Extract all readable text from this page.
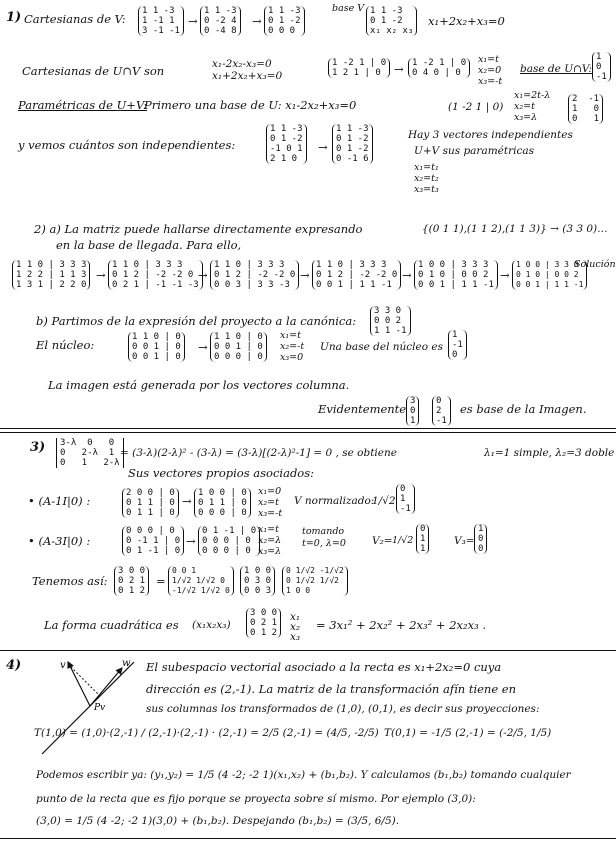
1) Cartesianas de V:
1 1 -3
1 -1 1
3 -1 -1
→
1 1 -3
0 -2 4
0 -4 8
→
1 1 -3
0 1 -2
0 0 0
base V 1 1 -3
0 1 -2
x₁ x₂ x₃
x₁+2x₂+x₃=0
Cartesianas de U∩V son	x₁-2x₂-x₃=0
x₁+2x₂+x₃=0
1 -2 1 | 0
1 2 1 | 0	→ 1 -2 1 | 0
0 4 0 | 0
x₁=t
x₂=0
x₃=-t
base de U∩V:
1
0
-1
Paramétricas de U+V:
Primero una base de U: x₁-2x₂+x₃=0	(1 -2 1 | 0)
x₁=2t-λ
x₂=t
x₃=λ
2  -1
1   0
0   1
y vemos cuántos son independientes:
1 1 -3
0 1 -2
-1 0 1
2 1 0
→
1 1 -3
0 1 -2
0 1 -2
0 -1 6
Hay 3 vectores independientes
U+V sus paramétricas
x₁=t₁
x₂=t₂
x₃=t₃
2) a) La matriz puede hallarse directamente expresando	{(0 1 1),(1 1 2),(1 1 3)} → (3 3 0)…
en la base de llegada. Para ello,
1 1 0 | 3 3 3
1 2 2 | 1 1 3
1 3 1 | 2 2 0
→
1 1 0 | 3 3 3
0 1 2 | -2 -2 0
0 2 1 | -1 -1 -3
→
1 1 0 | 3 3 3
0 1 2 | -2 -2 0
0 0 3 | 3 3 -3
→
1 1 0 | 3 3 3
0 1 2 | -2 -2 0
0 0 1 | 1 1 -1
→
1 0 0 | 3 3 3
0 1 0 | 0 0 2
0 0 1 | 1 1 -1
→
1 0 0 | 3 3 0
0 1 0 | 0 0 2
0 0 1 | 1 1 -1
Solución
b) Partimos de la expresión del proyecto a la canónica:
3 3 0
0 0 2
1 1 -1
El núcleo:
1 1 0 | 0
0 0 1 | 0
0 0 1 | 0
→
1 1 0 | 0
0 0 1 | 0
0 0 0 | 0
x₁=t
x₂=-t
x₃=0
Una base del núcleo es
1
-1
0
La imagen está generada por los vectores columna.
Evidentemente
3
0
1
0
2
-1
es base de la Imagen.
3)	3-λ  0   0
0   2-λ  1
0   1   2-λ
= (3-λ)(2-λ)² - (3-λ) = (3-λ)[(2-λ)²-1] = 0 , se obtiene	λ₁=1 simple, λ₂=3 doble
Sus vectores propios asociados:
• (A-1I|0) :
2 0 0 | 0
0 1 1 | 0
0 1 1 | 0
→
1 0 0 | 0
0 1 1 | 0
0 0 0 | 0
x₁=0
x₂=t
x₃=-t
V normalizado:
1/√2
0
1
-1
• (A-3I|0) :
0 0 0 | 0
0 -1 1 | 0
0 1 -1 | 0
→
0 1 -1 | 0
0 0 0 | 0
0 0 0 | 0
x₁=t
x₂=λ
x₃=λ
tomando
t=0, λ=0 V₂= 1/√2
0
1
1
V₃=
1
0
0
Tenemos así:
3 0 0
0 2 1
0 1 2
=
0 0 1
1/√2 1/√2 0
-1/√2 1/√2 0
1 0 0
0 3 0
0 0 3
0 1/√2 -1/√2
0 1/√2 1/√2
1 0 0
La forma cuadrática es (x₁x₂x₃)
3 0 0
0 2 1
0 1 2
x₁
x₂
x₃
= 3x₁² + 2x₂² + 2x₃² + 2x₂x₃ .
4)	v	w
Pv
El subespacio vectorial asociado a la recta es x₁+2x₂=0 cuya
dirección es (2,-1). La matriz de la transformación afín tiene en
sus columnas los transformados de (1,0), (0,1), es decir sus proyecciones:
T(1,0) = (1,0)·(2,-1) / (2,-1)·(2,-1) · (2,-1) = 2/5 (2,-1) = (4/5, -2/5) T(0,1) = -1/5 (2,-1) = (-2/5, 1/5)
Podemos escribir ya: (y₁,y₂) = 1/5 (4 -2; -2 1)(x₁,x₂) + (b₁,b₂). Y calculamos (b₁,b₂) tomando cualquier
punto de la recta que es fijo porque se proyecta sobre sí mismo. Por ejemplo (3,0):
(3,0) = 1/5 (4 -2; -2 1)(3,0) + (b₁,b₂). Despejando (b₁,b₂) = (3/5, 6/5).
